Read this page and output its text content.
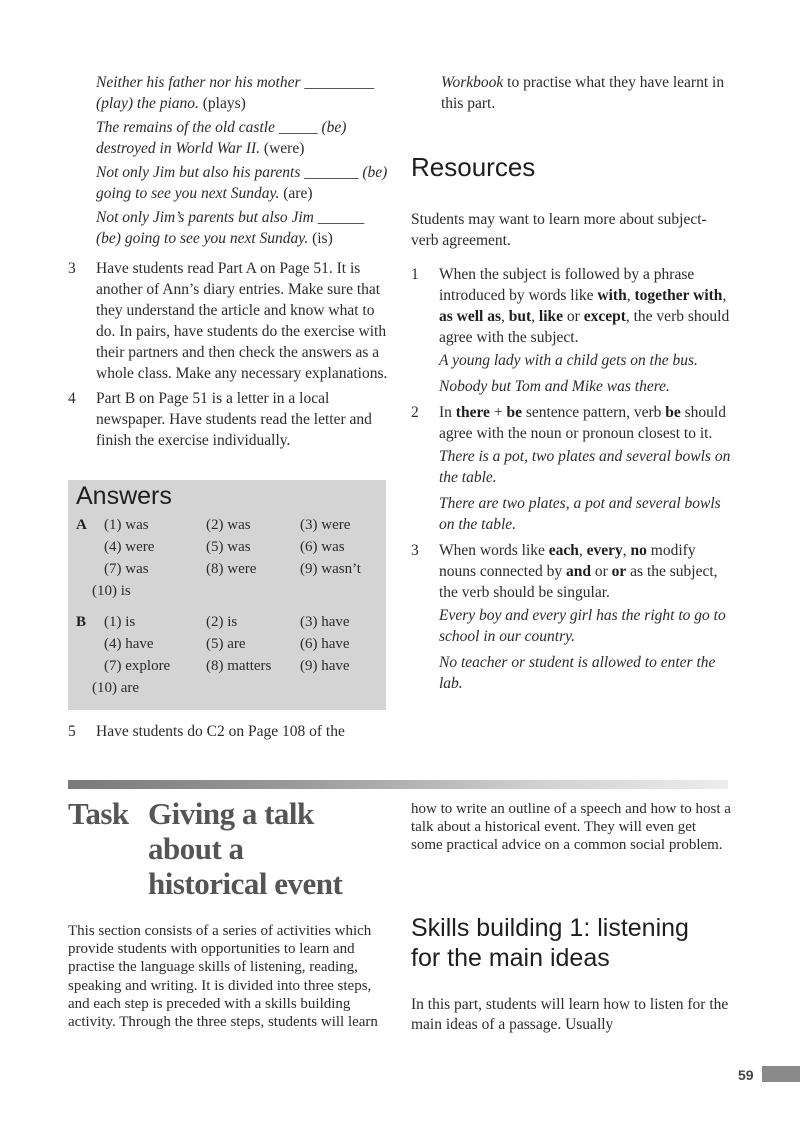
Neither his father nor his mother _________ (play) the piano. (plays)

The remains of the old castle _____ (be) destroyed in World War II. (were)

Not only Jim but also his parents _______ (be) going to see you next Sunday. (are)

Not only Jim’s parents but also Jim ______ (be) going to see you next Sunday. (is)

3 Have students read Part A on Page 51. It is another of Ann’s diary entries. Make sure that they understand the article and know what to do. In pairs, have students do the exercise with their partners and then check the answers as a whole class. Make any necessary explanations.

4 Part B on Page 51 is a letter in a local newspaper. Have students read the letter and finish the exercise individually.

Answers
A	(1) was	(2) was	(3) were
(4) were	(5) was	(6) was
(7) was	(8) were	(9) wasn’t
(10) is
B	(1) is	(2) is	(3) have
(4) have	(5) are	(6) have
(7) explore	(8) matters	(9) have
(10) are

5 Have students do C2 on Page 108 of the

Workbook to practise what they have learnt in this part.
Resources
Students may want to learn more about subject-verb agreement.

1 When the subject is followed by a phrase introduced by words like with, together with, as well as, but, like or except, the verb should agree with the subject.

A young lady with a child gets on the bus.

Nobody but Tom and Mike was there.

2 In there + be sentence pattern, verb be should agree with the noun or pronoun closest to it.

There is a pot, two plates and several bowls on the table.

There are two plates, a pot and several bowls on the table.

3 When words like each, every, no modify nouns connected by and or or as the subject, the verb should be singular.

Every boy and every girl has the right to go to school in our country.

No teacher or student is allowed to enter the lab.

Task Giving a talk
about a
historical event
This section consists of a series of activities which provide students with opportunities to learn and practise the language skills of listening, reading, speaking and writing. It is divided into three steps, and each step is preceded with a skills building activity. Through the three steps, students will learn
how to write an outline of a speech and how to host a talk about a historical event. They will even get some practical advice on a common social problem.
Skills building 1: listening
for the main ideas
In this part, students will learn how to listen for the main ideas of a passage. Usually
59
